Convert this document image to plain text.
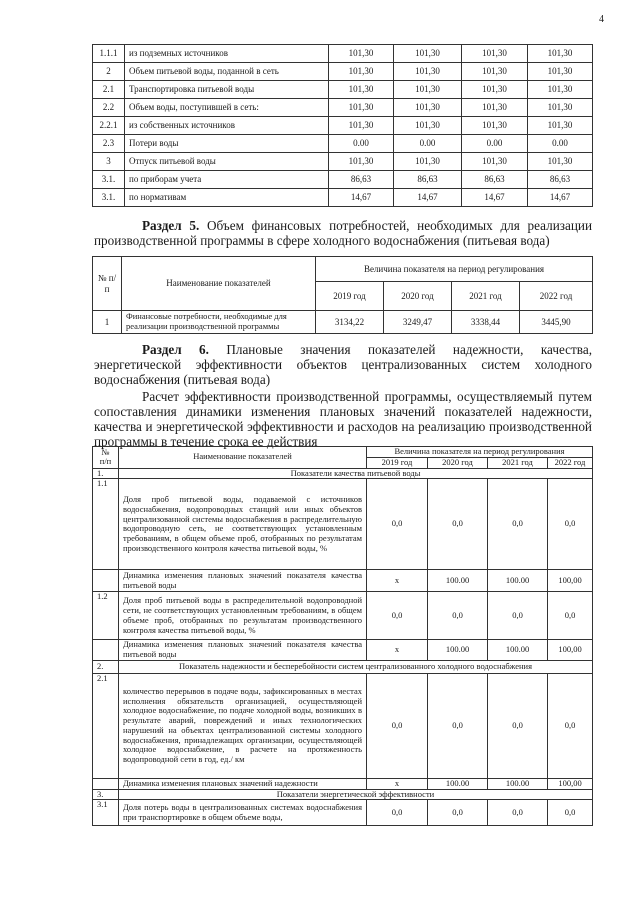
4
1.1.1	из подземных источников	101,30	101,30	101,30	101,30
2	Объем питьевой воды, поданной в сеть	101,30	101,30	101,30	101,30
2.1	Транспортировка питьевой воды	101,30	101,30	101,30	101,30
2.2	Объем воды, поступившей в сеть:	101,30	101,30	101,30	101,30
2.2.1	из собственных источников	101,30	101,30	101,30	101,30
2.3	Потери воды	0.00	0.00	0.00	0.00
3	Отпуск питьевой воды	101,30	101,30	101,30	101,30
3.1.	по приборам учета	86,63	86,63	86,63	86,63
3.1.	по нормативам	14,67	14,67	14,67	14,67
Раздел 5. Объем финансовых потребностей, необходимых для реализации производственной программы в сфере холодного водоснабжения (питьевая вода)
№ п/п	Наименование показателей	Величина показателя на период регулирования			
		2019 год	2020 год	2021 год	2022 год
1	Финансовые потребности, необходимые для реализации производственной программы	3134,22	3249,47	3338,44	3445,90
Раздел 6. Плановые значения показателей надежности, качества, энергетической эффективности объектов централизованных систем холодного водоснабжения (питьевая вода)
Расчет эффективности производственной программы, осуществляемый путем сопоставления динамики изменения плановых значений показателей надежности, качества и энергетической эффективности и расходов на реализацию производственной программы в течение срока ее действия
№ п/п	Наименование показателей	Величина показателя на период регулирования			
		2019 год	2020 год	2021 год	2022 год
1.	Показатели качества питьевой воды				
1.1	Доля проб питьевой воды, подаваемой с источников водоснабжения, водопроводных станций или иных объектов централизованной системы водоснабжения в распределительную водопроводную сеть, не соответствующих установленным требованиям, в общем объеме проб, отобранных по результатам производственного контроля качества питьевой воды, %	0,0	0,0	0,0	0,0
	Динамика изменения плановых значений показателя качества питьевой воды	х	100.00	100.00	100,00
1.2	Доля проб питьевой воды в распределительной водопроводной сети, не соответствующих установленным требованиям, в общем объеме проб, отобранных по результатам производственного контроля качества питьевой воды, %	0,0	0,0	0,0	0,0
	Динамика изменения плановых значений показателя качества питьевой воды	х	100.00	100.00	100,00
2.	Показатель надежности и бесперебойности систем централизованного холодного водоснабжения				
2.1	количество перерывов в подаче воды, зафиксированных в местах исполнения обязательств организацией, осуществляющей холодное водоснабжение, по подаче холодной воды, возникших в результате аварий, повреждений и иных технологических нарушений на объектах централизованной системы холодного водоснабжения, принадлежащих организации, осуществляющей холодное водоснабжение, в расчете на протяженность водопроводной сети в год, ед./ км	0,0	0,0	0,0	0,0
	Динамика изменения плановых значений надежности	х	100.00	100.00	100,00
3.	Показатели энергетической эффективности				
3.1	Доля потерь воды в централизованных системах водоснабжения при транспортировке в общем объеме воды,	0,0	0,0	0,0	0,0
